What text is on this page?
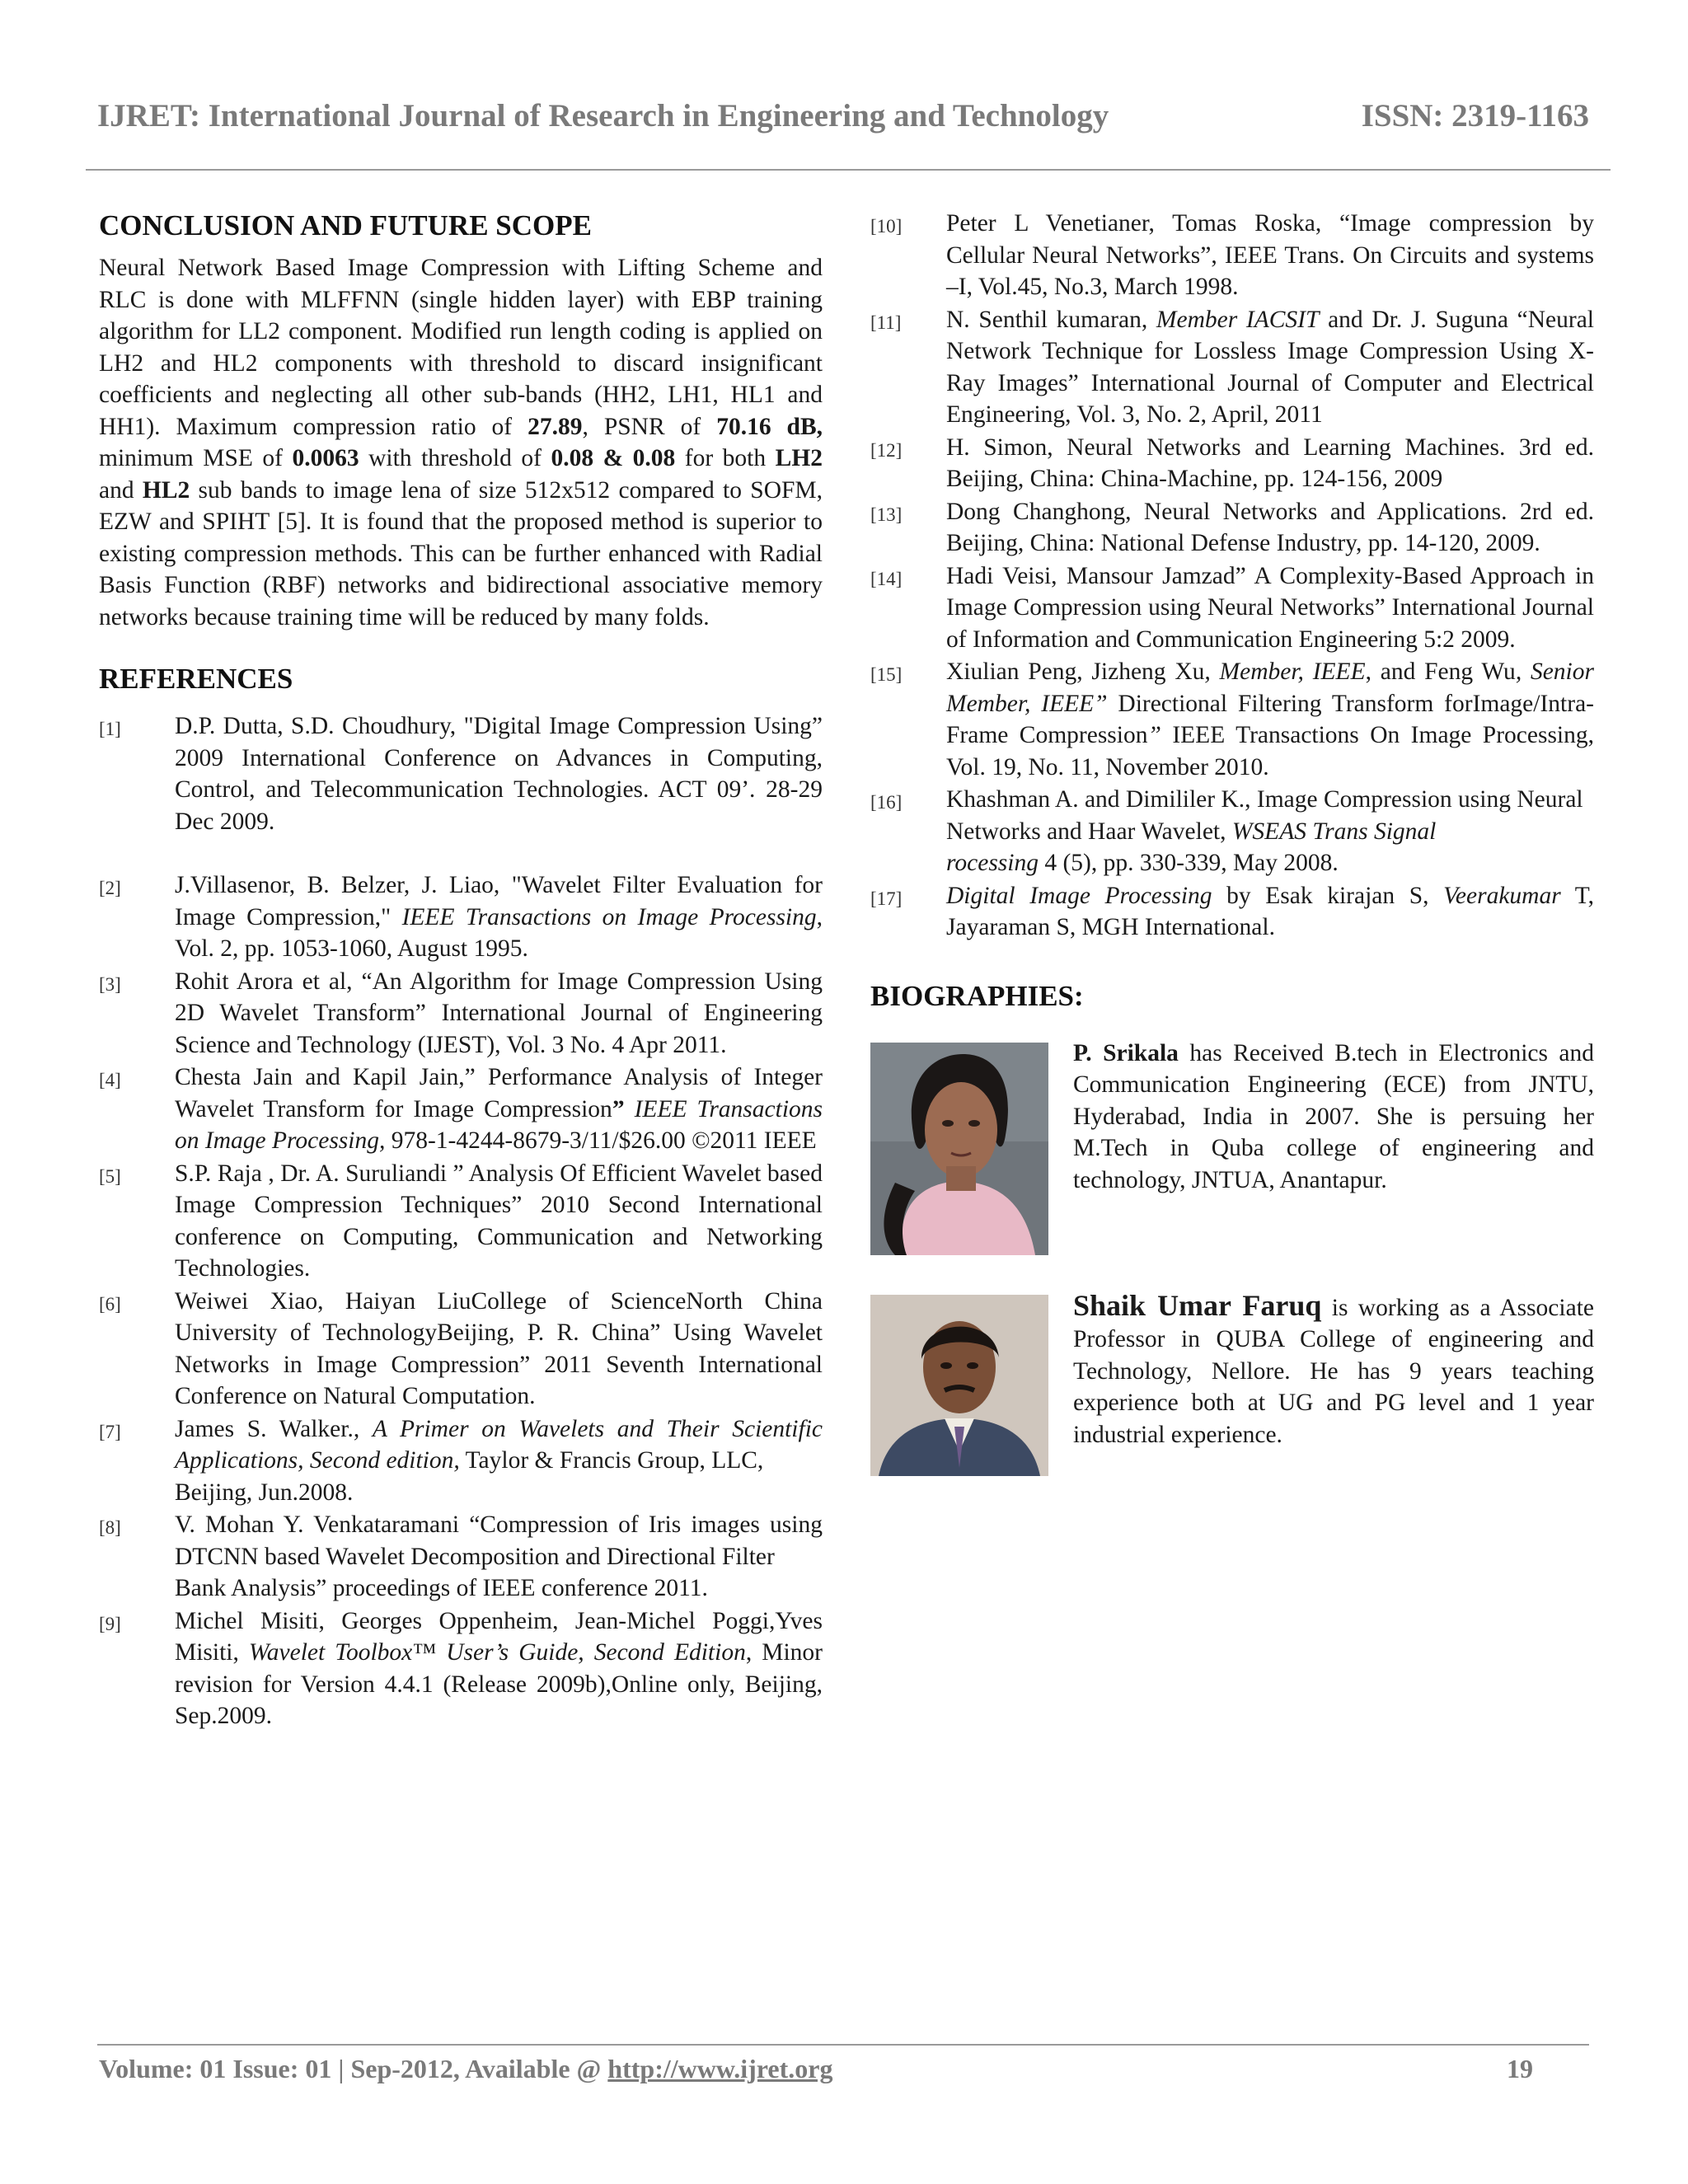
IJRET: International Journal of Research in Engineering and Technology	ISSN: 2319-1163
CONCLUSION AND FUTURE SCOPE

Neural Network Based Image Compression with Lifting Scheme and RLC is done with MLFFNN (single hidden layer) with EBP training algorithm for LL2 component. Modified run length coding is applied on LH2 and HL2 components with threshold to discard insignificant coefficients and neglecting all other sub-bands (HH2, LH1, HL1 and HH1). Maximum compression ratio of 27.89, PSNR of 70.16 dB, minimum MSE of 0.0063 with threshold of 0.08 & 0.08 for both LH2 and HL2 sub bands to image lena of size 512x512 compared to SOFM, EZW and SPIHT [5]. It is found that the proposed method is superior to existing compression methods. This can be further enhanced with Radial Basis Function (RBF) networks and bidirectional associative memory networks because training time will be reduced by many folds.

REFERENCES
[1] D.P. Dutta, S.D. Choudhury, "Digital Image Compression Using” 2009 International Conference on Advances in Computing, Control, and Telecommunication Technologies. ACT 09’. 28-29 Dec 2009.
[2] J.Villasenor, B. Belzer, J. Liao, "Wavelet Filter Evaluation for Image Compression," IEEE Transactions on Image Processing, Vol. 2, pp. 1053-1060, August 1995.
[3] Rohit Arora et al, “An Algorithm for Image Compression Using 2D Wavelet Transform” International Journal of Engineering Science and Technology (IJEST), Vol. 3 No. 4 Apr 2011.
[4] Chesta Jain and Kapil Jain,” Performance Analysis of Integer Wavelet Transform for Image Compression” IEEE Transactions on Image Processing, 978-1-4244-8679-3/11/$26.00 ©2011 IEEE
[5] S.P. Raja , Dr. A. Suruliandi ” Analysis Of Efficient Wavelet based Image Compression Techniques” 2010 Second International conference on Computing, Communication and Networking Technologies.
[6] Weiwei Xiao, Haiyan LiuCollege of ScienceNorth China University of TechnologyBeijing, P. R. China” Using Wavelet Networks in Image Compression” 2011 Seventh International Conference on Natural Computation.
[7] James S. Walker., A Primer on Wavelets and Their Scientific Applications, Second edition, Taylor & Francis Group, LLC,
Beijing, Jun.2008.
[8] V. Mohan Y. Venkataramani “Compression of Iris images using DTCNN based Wavelet Decomposition and Directional Filter
Bank Analysis” proceedings of IEEE conference 2011.
[9] Michel Misiti, Georges Oppenheim, Jean-Michel Poggi,Yves Misiti, Wavelet Toolbox™ User’s Guide, Second Edition, Minor revision for Version 4.4.1 (Release 2009b),Online only, Beijing, Sep.2009.
[10] Peter L Venetianer, Tomas Roska, “Image compression by Cellular Neural Networks”, IEEE Trans. On Circuits and systems –I, Vol.45, No.3, March 1998.
[11] N. Senthil kumaran, Member IACSIT and Dr. J. Suguna “Neural Network Technique for Lossless Image Compression Using X-Ray Images” International Journal of Computer and Electrical Engineering, Vol. 3, No. 2, April, 2011
[12] H. Simon, Neural Networks and Learning Machines. 3rd ed. Beijing, China: China-Machine, pp. 124-156, 2009
[13] Dong Changhong, Neural Networks and Applications. 2rd ed. Beijing, China: National Defense Industry, pp. 14-120, 2009.
[14] Hadi Veisi, Mansour Jamzad” A Complexity-Based Approach in Image Compression using Neural Networks” International Journal of Information and Communication Engineering 5:2 2009.
[15] Xiulian Peng, Jizheng Xu, Member, IEEE, and Feng Wu, Senior Member, IEEE” Directional Filtering Transform forImage/Intra-Frame Compression” IEEE Transactions On Image Processing, Vol. 19, No. 11, November 2010.
[16] Khashman A. and Dimililer K., Image Compression using Neural Networks and Haar Wavelet, WSEAS Trans Signal
rocessing 4 (5), pp. 330-339, May 2008.
[17] Digital Image Processing by Esak kirajan S, Veerakumar T, Jayaraman S, MGH International.
BIOGRAPHIES:
P. Srikala has Received B.tech in Electronics and Communication Engineering (ECE) from JNTU, Hyderabad, India in 2007. She is persuing her M.Tech in Quba college of engineering and technology, JNTUA, Anantapur.
Shaik Umar Faruq is working as a Associate Professor in QUBA College of engineering and Technology, Nellore. He has 9 years teaching experience both at UG and PG level and 1 year industrial experience.
Volume: 01 Issue: 01 | Sep-2012, Available @ http://www.ijret.org	19
